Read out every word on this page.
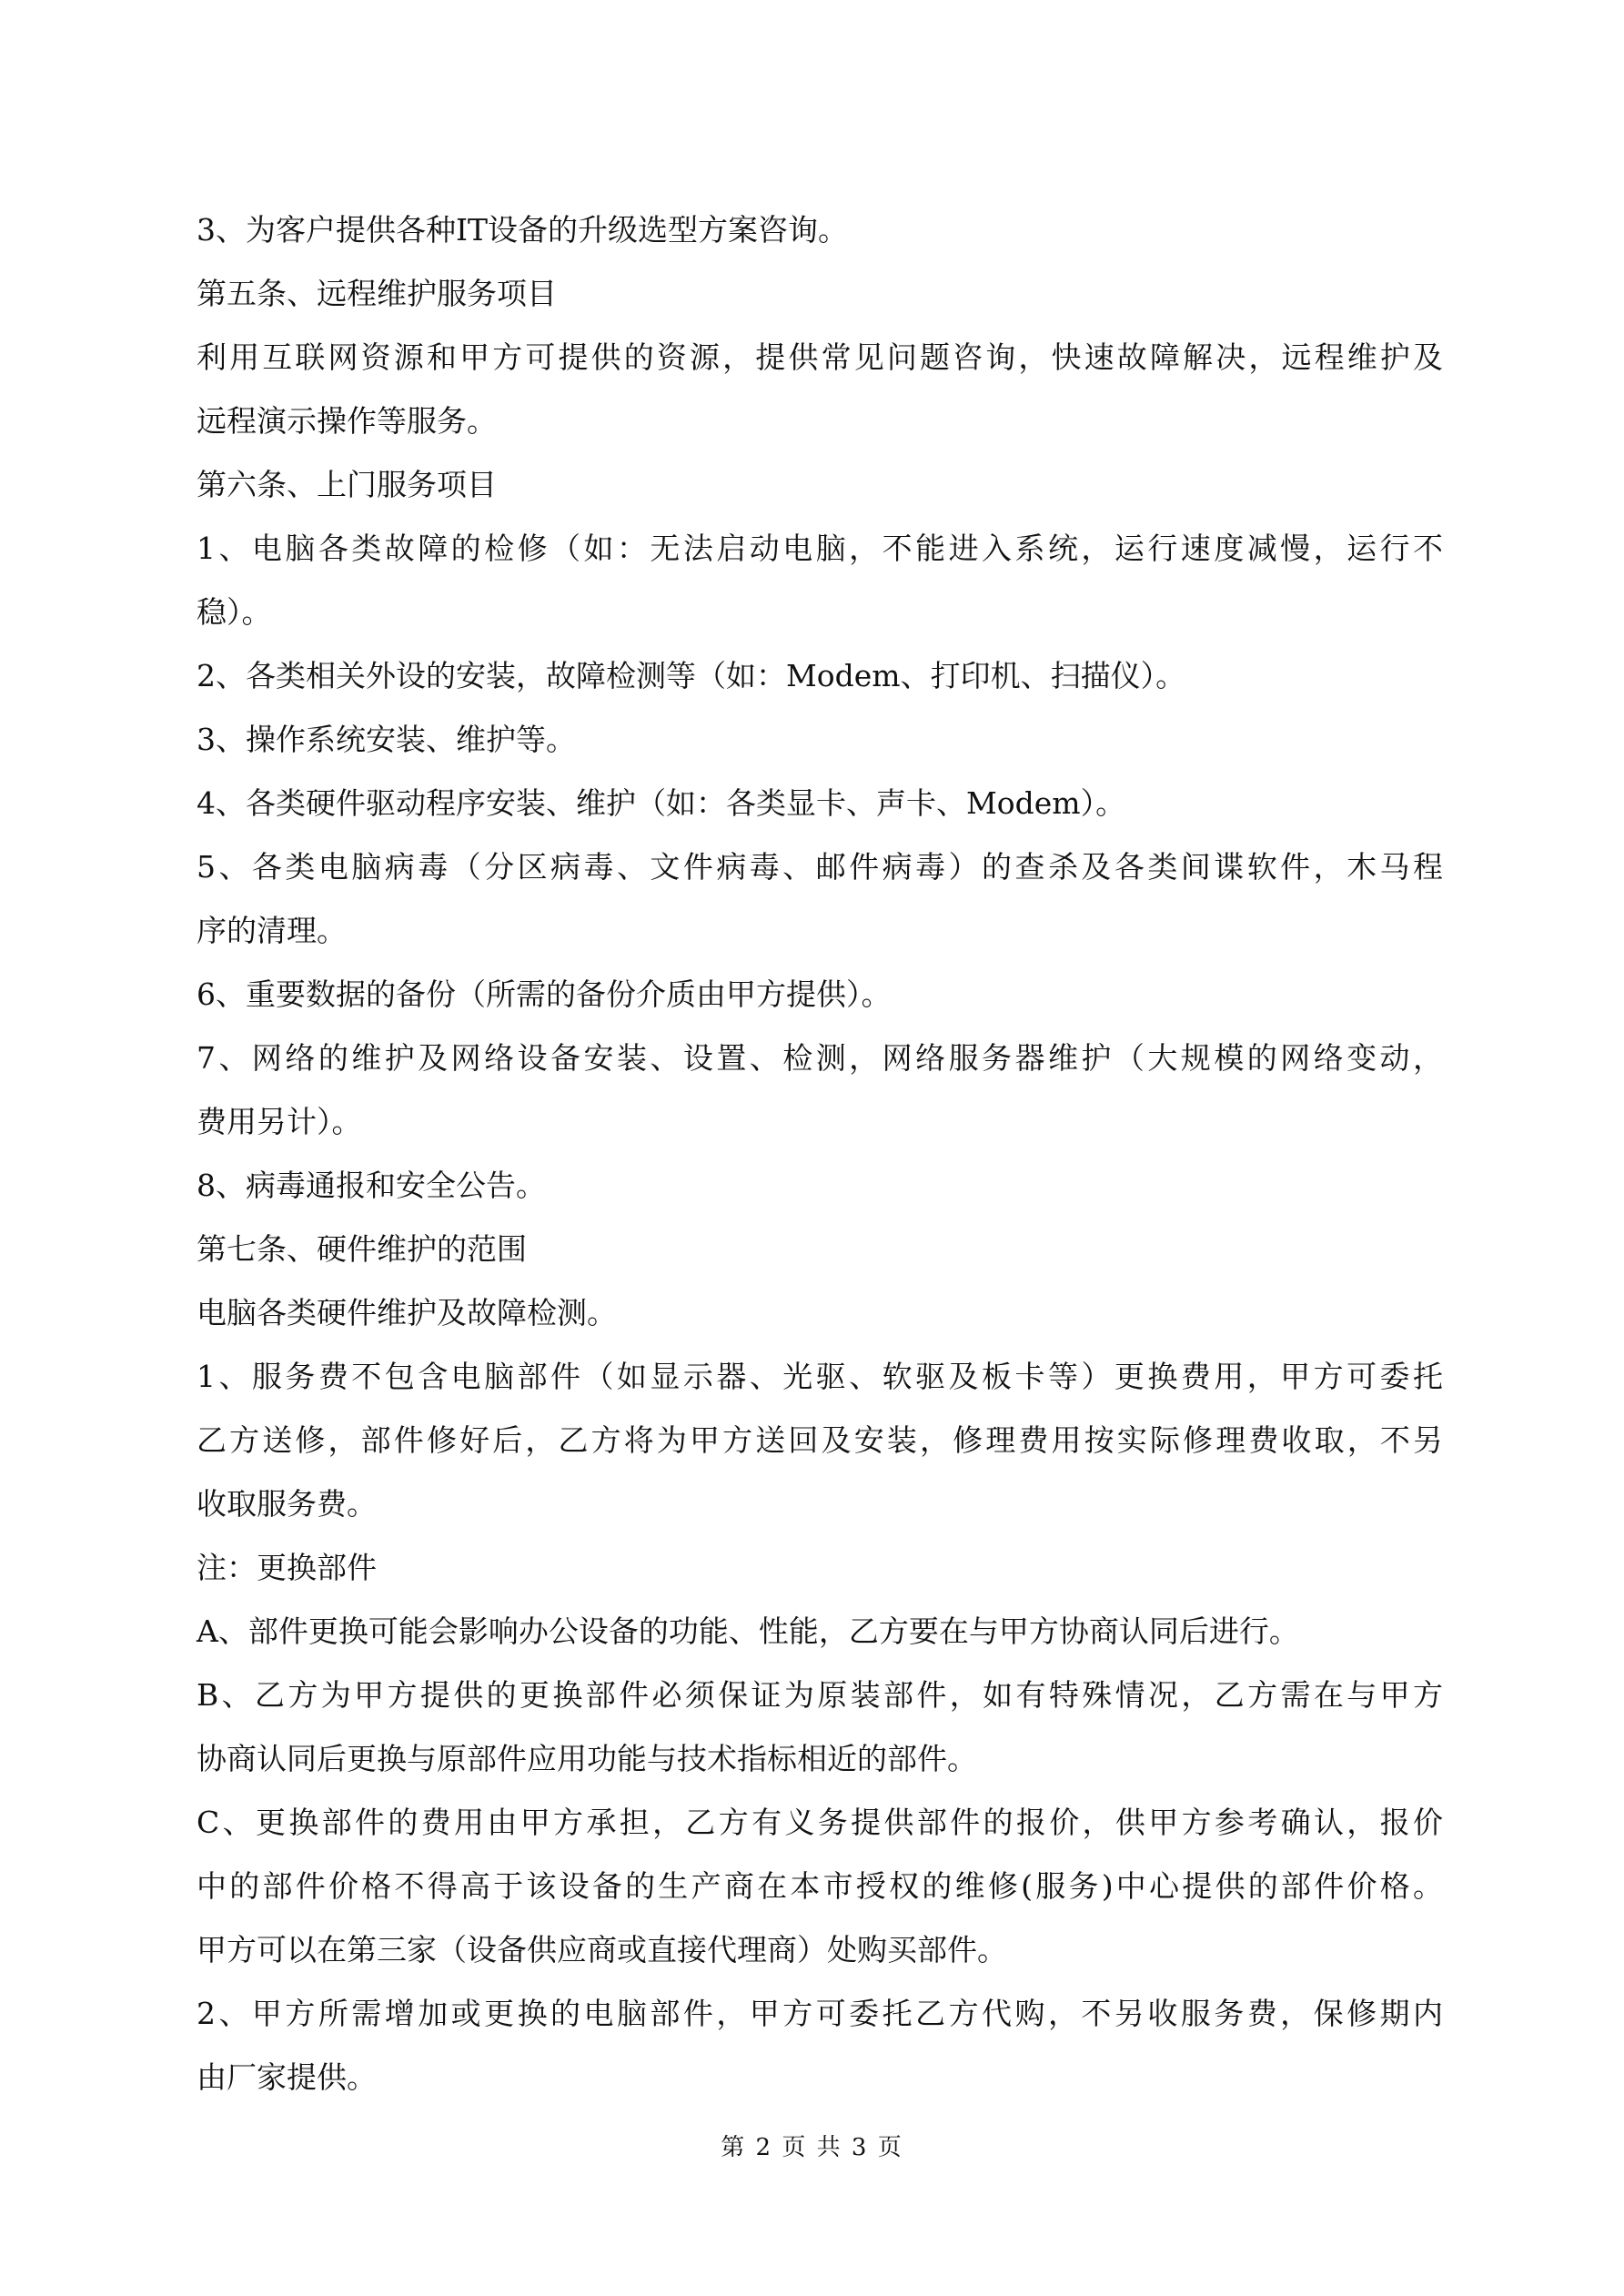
3、为客户提供各种IT设备的升级选型方案咨询。
第五条、远程维护服务项目
利用互联网资源和甲方可提供的资源，提供常见问题咨询，快速故障解决，远程维护及
远程演示操作等服务。
第六条、上门服务项目
1、电脑各类故障的检修（如：无法启动电脑，不能进入系统，运行速度减慢，运行不
稳）。
2、各类相关外设的安装，故障检测等（如：Modem、打印机、扫描仪）。
3、操作系统安装、维护等。
4、各类硬件驱动程序安装、维护（如：各类显卡、声卡、Modem）。
5、各类电脑病毒（分区病毒、文件病毒、邮件病毒）的查杀及各类间谍软件，木马程
序的清理。
6、重要数据的备份（所需的备份介质由甲方提供）。
7、网络的维护及网络设备安装、设置、检测，网络服务器维护（大规模的网络变动，
费用另计）。
8、病毒通报和安全公告。
第七条、硬件维护的范围
电脑各类硬件维护及故障检测。
1、服务费不包含电脑部件（如显示器、光驱、软驱及板卡等）更换费用，甲方可委托
乙方送修，部件修好后，乙方将为甲方送回及安装，修理费用按实际修理费收取，不另
收取服务费。
注：更换部件
A、部件更换可能会影响办公设备的功能、性能，乙方要在与甲方协商认同后进行。
B、乙方为甲方提供的更换部件必须保证为原装部件，如有特殊情况，乙方需在与甲方
协商认同后更换与原部件应用功能与技术指标相近的部件。
C、更换部件的费用由甲方承担，乙方有义务提供部件的报价，供甲方参考确认，报价
中的部件价格不得高于该设备的生产商在本市授权的维修(服务)中心提供的部件价格。
甲方可以在第三家（设备供应商或直接代理商）处购买部件。
2、甲方所需增加或更换的电脑部件，甲方可委托乙方代购，不另收服务费，保修期内
由厂家提供。
第 2 页 共 3 页
